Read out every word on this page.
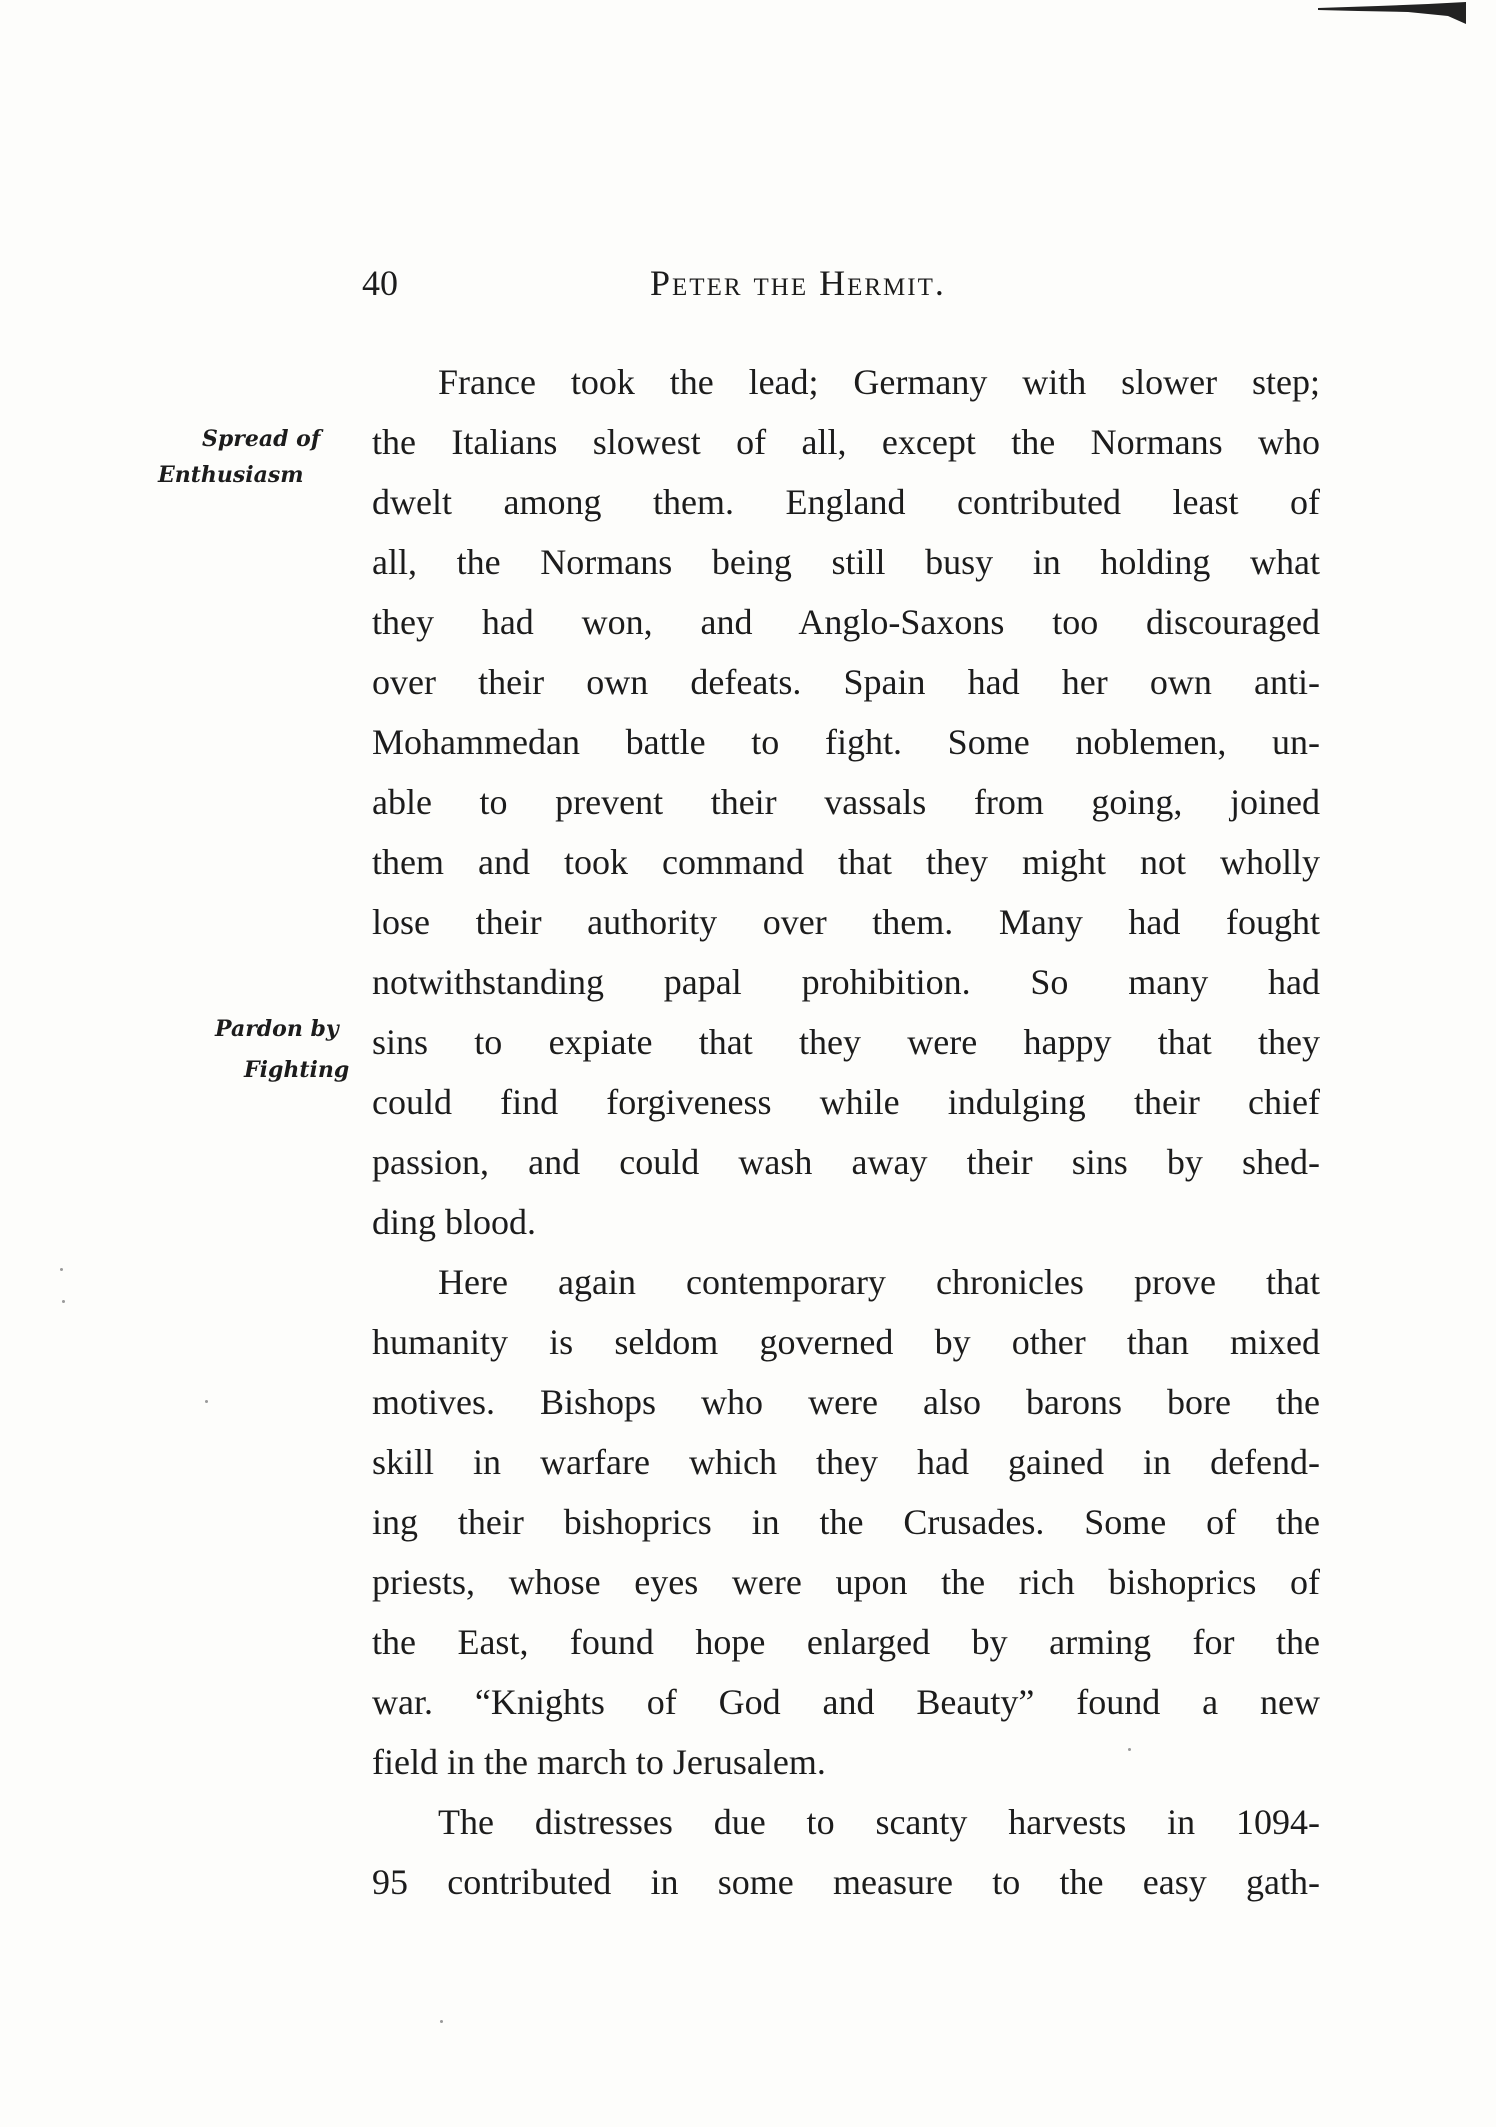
40	Peter the Hermit.
Spread of
Enthusiasm
Pardon by
Fighting
France took the lead; Germany with slower step;
the Italians slowest of all, except the Normans who
dwelt among them. England contributed least of
all, the Normans being still busy in holding what
they had won, and Anglo-Saxons too discouraged
over their own defeats. Spain had her own anti-
Mohammedan battle to fight. Some noblemen, un-
able to prevent their vassals from going, joined
them and took command that they might not wholly
lose their authority over them. Many had fought
notwithstanding papal prohibition. So many had
sins to expiate that they were happy that they
could find forgiveness while indulging their chief
passion, and could wash away their sins by shed-
ding blood.
Here again contemporary chronicles prove that
humanity is seldom governed by other than mixed
motives. Bishops who were also barons bore the
skill in warfare which they had gained in defend-
ing their bishoprics in the Crusades. Some of the
priests, whose eyes were upon the rich bishoprics of
the East, found hope enlarged by arming for the
war. “Knights of God and Beauty” found a new
field in the march to Jerusalem.
The distresses due to scanty harvests in 1094-
95 contributed in some measure to the easy gath-
